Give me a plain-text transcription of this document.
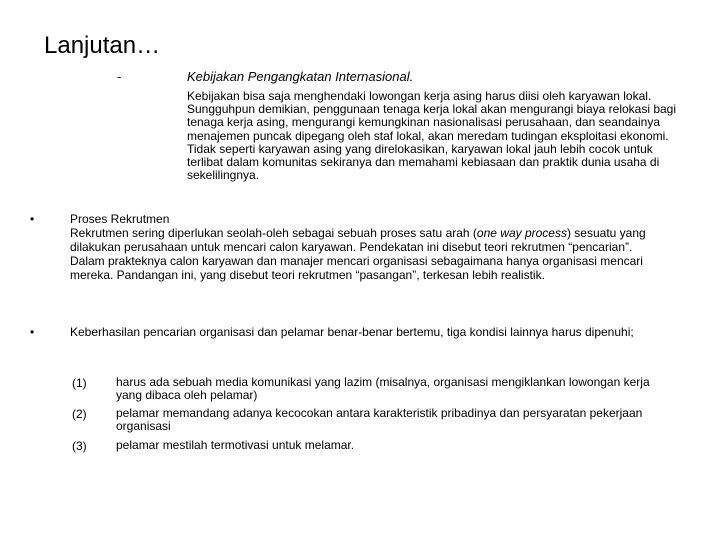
Lanjutan…
-	Kebijakan Pengangkatan Internasional.

Kebijakan bisa saja menghendaki lowongan kerja asing harus diisi oleh karyawan lokal. Sungguhpun demikian, penggunaan tenaga kerja lokal akan mengurangi biaya relokasi bagi tenaga kerja asing, mengurangi kemungkinan nasionalisasi perusahaan, dan seandainya menajemen puncak dipegang oleh staf lokal, akan meredam tudingan eksploitasi ekonomi. Tidak seperti karyawan asing yang direlokasikan, karyawan lokal jauh lebih cocok untuk terlibat dalam komunitas sekiranya dan memahami kebiasaan dan praktik dunia usaha di sekelilingnya.

•	Proses Rekrutmen
Rekrutmen sering diperlukan seolah-oleh sebagai sebuah proses satu arah (one way process) sesuatu yang dilakukan perusahaan untuk mencari calon karyawan. Pendekatan ini disebut teori rekrutmen “pencarian”. Dalam prakteknya calon karyawan dan manajer mencari organisasi sebagaimana hanya organisasi mencari mereka. Pandangan ini, yang disebut teori rekrutmen “pasangan”, terkesan lebih realistik.
•	Keberhasilan pencarian organisasi dan pelamar benar-benar bertemu, tiga kondisi lainnya harus dipenuhi;

(1) harus ada sebuah media komunikasi yang lazim (misalnya, organisasi mengiklankan lowongan kerja yang dibaca oleh pelamar)
(2) pelamar memandang adanya kecocokan antara karakteristik pribadinya dan persyaratan pekerjaan organisasi
(3) pelamar mestilah termotivasi untuk melamar.
